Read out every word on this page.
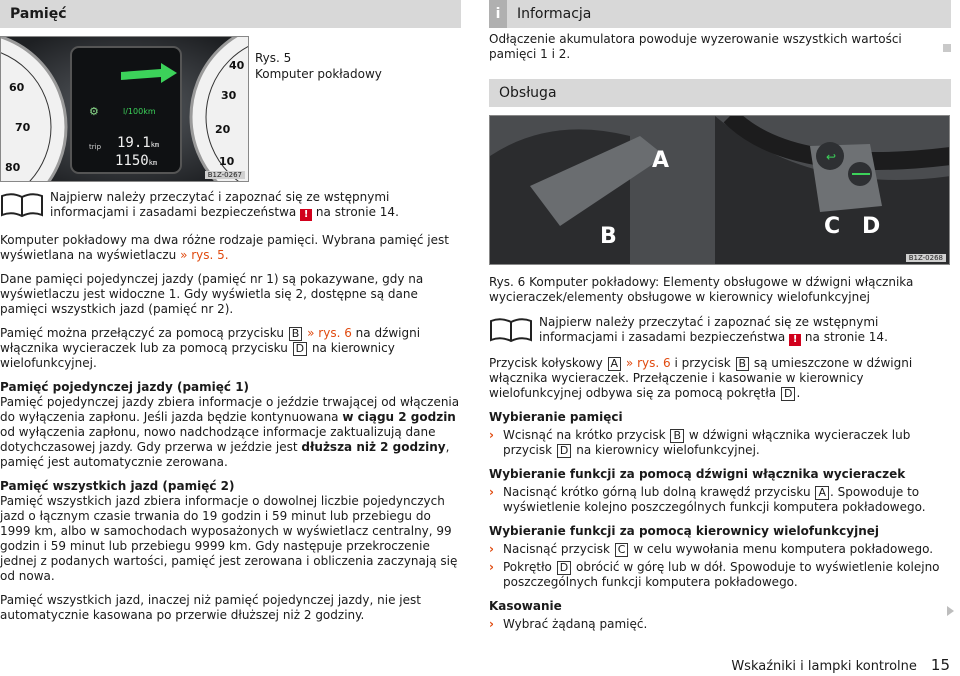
Pamięć
⚙
60
70
80
40
30
20
10
l/100km
trip 19.1km
1150km
B1Z-0267
Rys. 5
Komputer pokładowy
Najpierw należy przeczytać i zapoznać się ze wstępnymi informacjami i zasadami bezpieczeństwa ! na stronie 14.

Komputer pokładowy ma dwa różne rodzaje pamięci. Wybrana pamięć jest wyświetlana na wyświetlaczu » rys. 5.

Dane pamięci pojedynczej jazdy (pamięć nr 1) są pokazywane, gdy na wyświetlaczu jest widoczne 1. Gdy wyświetla się 2, dostępne są dane pamięci wszystkich jazd (pamięć nr 2).

Pamięć można przełączyć za pomocą przycisku B » rys. 6 na dźwigni włącznika wycieraczek lub za pomocą przycisku D na kierownicy wielofunkcyjnej.

Pamięć pojedynczej jazdy (pamięć 1)
Pamięć pojedynczej jazdy zbiera informacje o jeździe trwającej od włączenia do wyłączenia zapłonu. Jeśli jazda będzie kontynuowana w ciągu 2 godzin od wyłączenia zapłonu, nowo nadchodzące informacje zaktualizują dane dotychczasowej jazdy. Gdy przerwa w jeździe jest dłuższa niż 2 godziny, pamięć jest automatycznie zerowana.

Pamięć wszystkich jazd (pamięć 2)
Pamięć wszystkich jazd zbiera informacje o dowolnej liczbie pojedynczych jazd o łącznym czasie trwania do 19 godzin i 59 minut lub przebiegu do 1999 km, albo w samochodach wyposażonych w wyświetlacz centralny, 99 godzin i 59 minut lub przebiegu 9999 km. Gdy następuje przekroczenie jednej z podanych wartości, pamięć jest zerowana i obliczenia zaczynają się od nowa.

Pamięć wszystkich jazd, inaczej niż pamięć pojedynczej jazdy, nie jest automatycznie kasowana po przerwie dłuższej niż 2 godziny.

i	Informacja
Odłączenie akumulatora powoduje wyzerowanie wszystkich wartości pamięci 1 i 2.
Obsługa
↩
A
B	C D
B1Z-0268

Rys. 6 Komputer pokładowy: Elementy obsługowe w dźwigni włącznika wycieraczek/elementy obsługowe w kierownicy wielofunkcyjnej

Najpierw należy przeczytać i zapoznać się ze wstępnymi informacjami i zasadami bezpieczeństwa ! na stronie 14.

Przycisk kołyskowy A » rys. 6 i przycisk B są umieszczone w dźwigni włącznika wycieraczek. Przełączenie i kasowanie w kierownicy wielofunkcyjnej odbywa się za pomocą pokrętła D .

Wybieranie pamięci
› Wcisnąć na krótko przycisk B w dźwigni włącznika wycieraczek lub przycisk D na kierownicy wielofunkcyjnej.
Wybieranie funkcji za pomocą dźwigni włącznika wycieraczek
› Nacisnąć krótko górną lub dolną krawędź przycisku A . Spowoduje to wyświetlenie kolejno poszczególnych funkcji komputera pokładowego.
Wybieranie funkcji za pomocą kierownicy wielofunkcyjnej
› Nacisnąć przycisk C w celu wywołania menu komputera pokładowego.
› Pokrętło D obrócić w górę lub w dół. Spowoduje to wyświetlenie kolejno poszczególnych funkcji komputera pokładowego.
Kasowanie
› Wybrać żądaną pamięć.
Wskaźniki i lampki kontrolne 15
